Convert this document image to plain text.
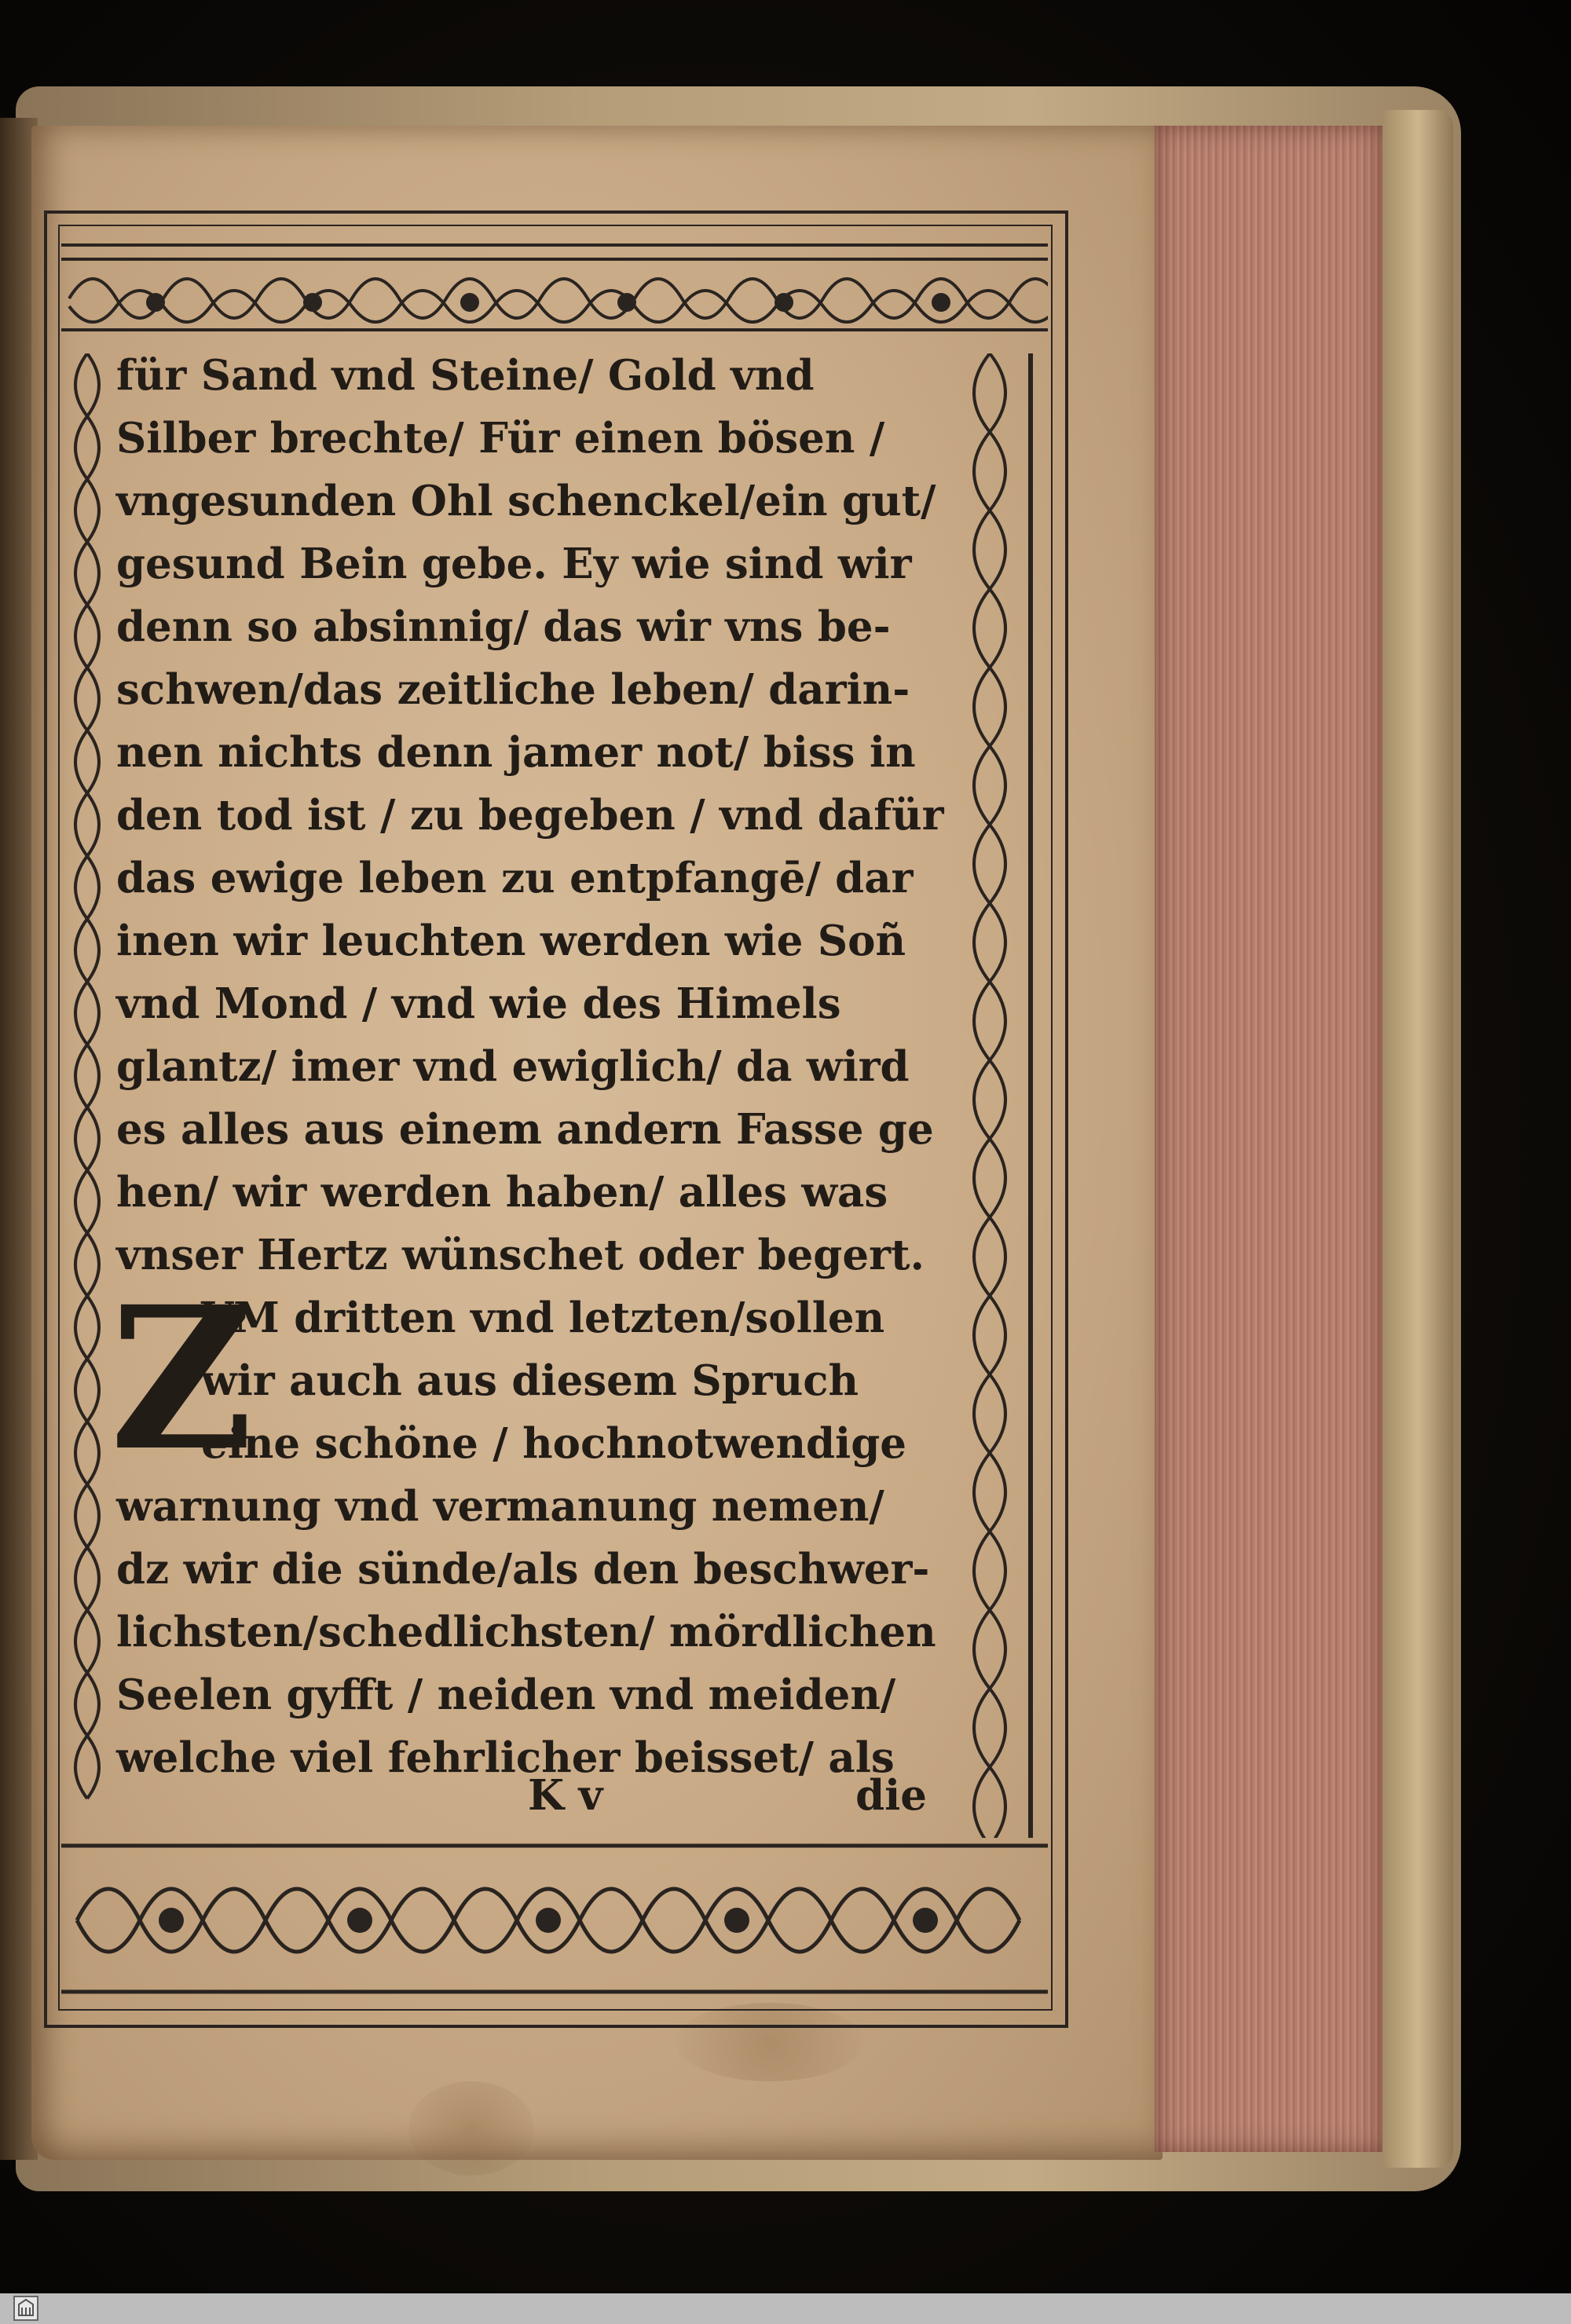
für Sand vnd Steine/ Gold vnd
Silber brechte/ Für einen bösen /
vngesunden Ohl schenckel/ein gut/
gesund Bein gebe. Ey wie sind wir
denn so absinnig/ das wir vns be-
schwen/das zeitliche leben/ darin-
nen nichts denn jamer not/ biss in
den tod ist / zu begeben / vnd dafür
das ewige leben zu entpfangē/ dar
inen wir leuchten werden wie Soñ
vnd Mond / vnd wie des Himels
glantz/ imer vnd ewiglich/ da wird
es alles aus einem andern Fasse ge
hen/ wir werden haben/ alles was
vnser Hertz wünschet oder begert.
VM dritten vnd letzten/sollen
wir auch aus diesem Spruch
eine schöne / hochnotwendige
warnung vnd vermanung nemen/
dz wir die sünde/als den beschwer-
lichsten/schedlichsten/ mördlichen
Seelen gyfft / neiden vnd meiden/
welche viel fehrlicher beisset/ als
Z
K v	die
